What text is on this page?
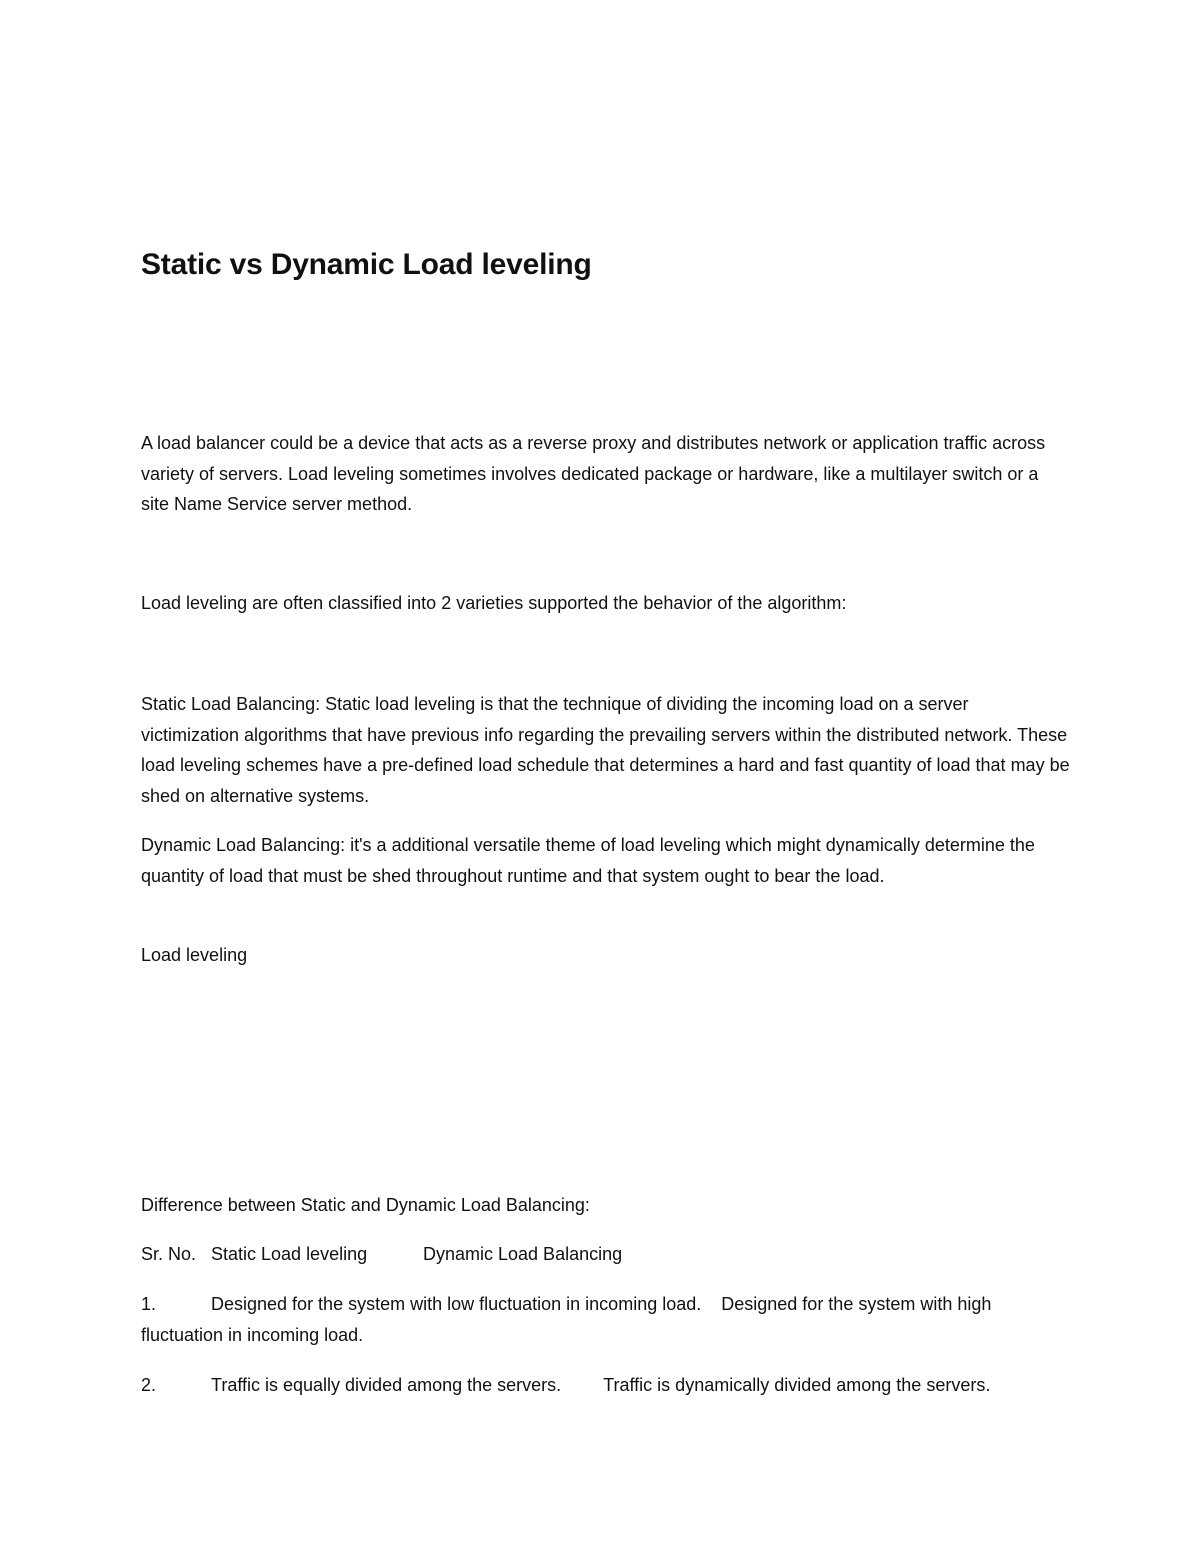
Static vs Dynamic Load leveling

A load balancer could be a device that acts as a reverse proxy and distributes network or application traffic across variety of servers. Load leveling sometimes involves dedicated package or hardware, like a multilayer switch or a site Name Service server method.

Load leveling are often classified into 2 varieties supported the behavior of the algorithm:

Static Load Balancing: Static load leveling is that the technique of dividing the incoming load on a server victimization algorithms that have previous info regarding the prevailing servers within the distributed network. These load leveling schemes have a pre-defined load schedule that determines a hard and fast quantity of load that may be shed on alternative systems.

Dynamic Load Balancing: it's a additional versatile theme of load leveling which might dynamically determine the quantity of load that must be shed throughout runtime and that system ought to bear the load.

Load leveling

Difference between Static and Dynamic Load Balancing:

Sr. No. Static Load leveling	Dynamic Load Balancing

1.	Designed for the system with low fluctuation in incoming load. Designed for the system with high fluctuation in incoming load.

2.	Traffic is equally divided among the servers. Traffic is dynamically divided among the servers.
